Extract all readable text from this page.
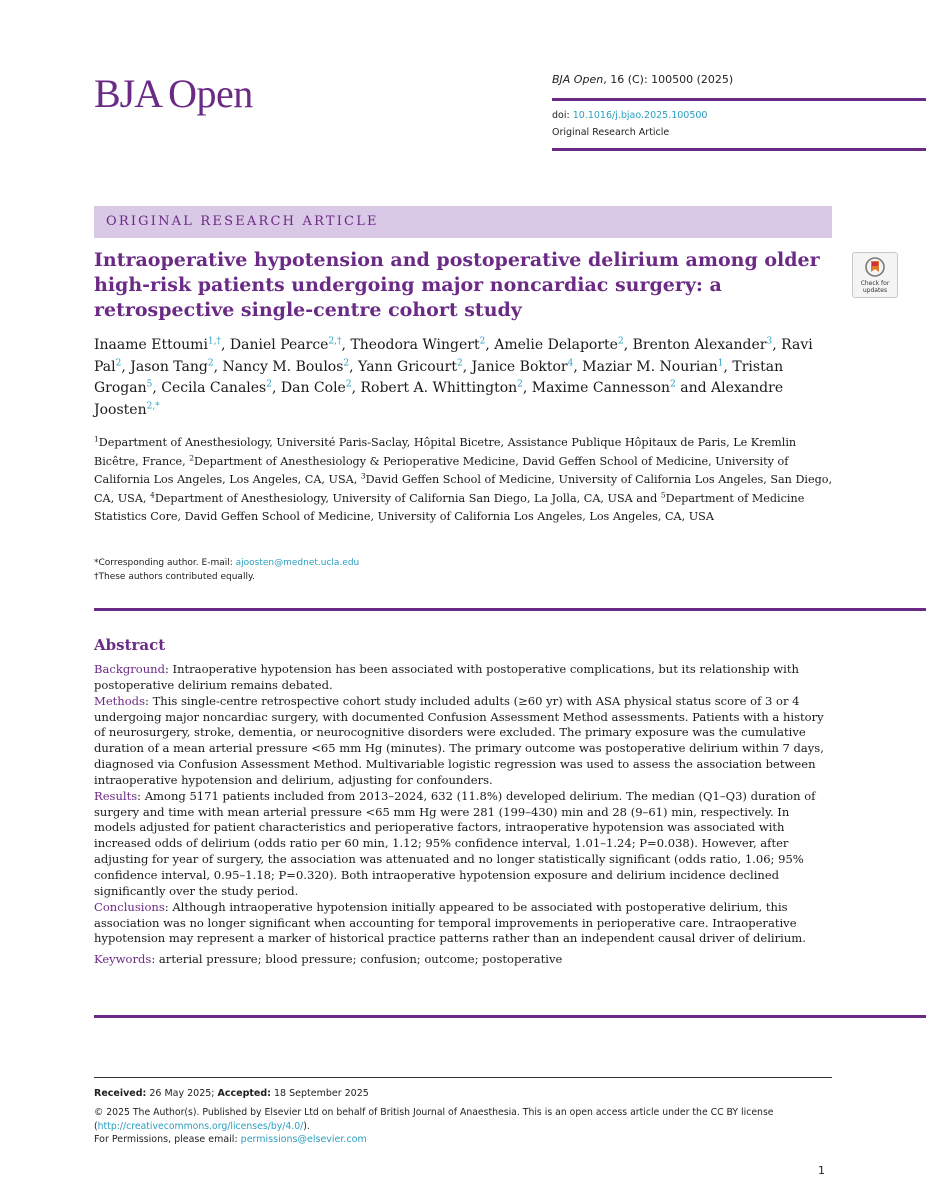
BJA Open	BJA Open, 16 (C): 100500 (2025)
doi: 10.1016/j.bjao.2025.100500
Original Research Article
ORIGINAL RESEARCH ARTICLE
Intraoperative hypotension and postoperative delirium among older high-risk patients undergoing major noncardiac surgery: a retrospective single-centre cohort study
Check for
updates
Inaame Ettoumi$^{1,\dagger}$, Daniel Pearce$^{2,\dagger}$, Theodora Wingert$^2$, Amelie Delaporte$^2$, Brenton Alexander$^3$, Ravi Pal$^2$, Jason Tang$^2$, Nancy M. Boulos$^2$, Yann Gricourt$^2$, Janice Boktor$^4$, Maziar M. Nourian$^1$, Tristan Grogan$^5$, Cecila Canales$^2$, Dan Cole$^2$, Robert A. Whittington$^2$, Maxime Cannesson$^2$ and Alexandre Joosten$^{2,*}$
$^1$Department of Anesthesiology, Université Paris-Saclay, Hôpital Bicetre, Assistance Publique Hôpitaux de Paris, Le Kremlin Bicêtre, France, $^2$Department of Anesthesiology & Perioperative Medicine, David Geffen School of Medicine, University of California Los Angeles, Los Angeles, CA, USA, $^3$David Geffen School of Medicine, University of California Los Angeles, San Diego, CA, USA, $^4$Department of Anesthesiology, University of California San Diego, La Jolla, CA, USA and $^5$Department of Medicine Statistics Core, David Geffen School of Medicine, University of California Los Angeles, Los Angeles, CA, USA
*Corresponding author. E-mail: ajoosten@mednet.ucla.edu
†These authors contributed equally.
Abstract

Background: Intraoperative hypotension has been associated with postoperative complications, but its relationship with postoperative delirium remains debated.

Methods: This single-centre retrospective cohort study included adults (≥60 yr) with ASA physical status score of 3 or 4 undergoing major noncardiac surgery, with documented Confusion Assessment Method assessments. Patients with a history of neurosurgery, stroke, dementia, or neurocognitive disorders were excluded. The primary exposure was the cumulative duration of a mean arterial pressure <65 mm Hg (minutes). The primary outcome was postoperative delirium within 7 days, diagnosed via Confusion Assessment Method. Multivariable logistic regression was used to assess the association between intraoperative hypotension and delirium, adjusting for confounders.

Results: Among 5171 patients included from 2013–2024, 632 (11.8%) developed delirium. The median (Q1–Q3) duration of surgery and time with mean arterial pressure <65 mm Hg were 281 (199–430) min and 28 (9–61) min, respectively. In models adjusted for patient characteristics and perioperative factors, intraoperative hypotension was associated with increased odds of delirium (odds ratio per 60 min, 1.12; 95% confidence interval, 1.01–1.24; P=0.038). However, after adjusting for year of surgery, the association was attenuated and no longer statistically significant (odds ratio, 1.06; 95% confidence interval, 0.95–1.18; P=0.320). Both intraoperative hypotension exposure and delirium incidence declined significantly over the study period.

Conclusions: Although intraoperative hypotension initially appeared to be associated with postoperative delirium, this association was no longer significant when accounting for temporal improvements in perioperative care. Intraoperative hypotension may represent a marker of historical practice patterns rather than an independent causal driver of delirium.

Keywords: arterial pressure; blood pressure; confusion; outcome; postoperative

Received: 26 May 2025; Accepted: 18 September 2025
© 2025 The Author(s). Published by Elsevier Ltd on behalf of British Journal of Anaesthesia. This is an open access article under the CC BY license (http://creativecommons.org/licenses/by/4.0/).
For Permissions, please email: permissions@elsevier.com
1
